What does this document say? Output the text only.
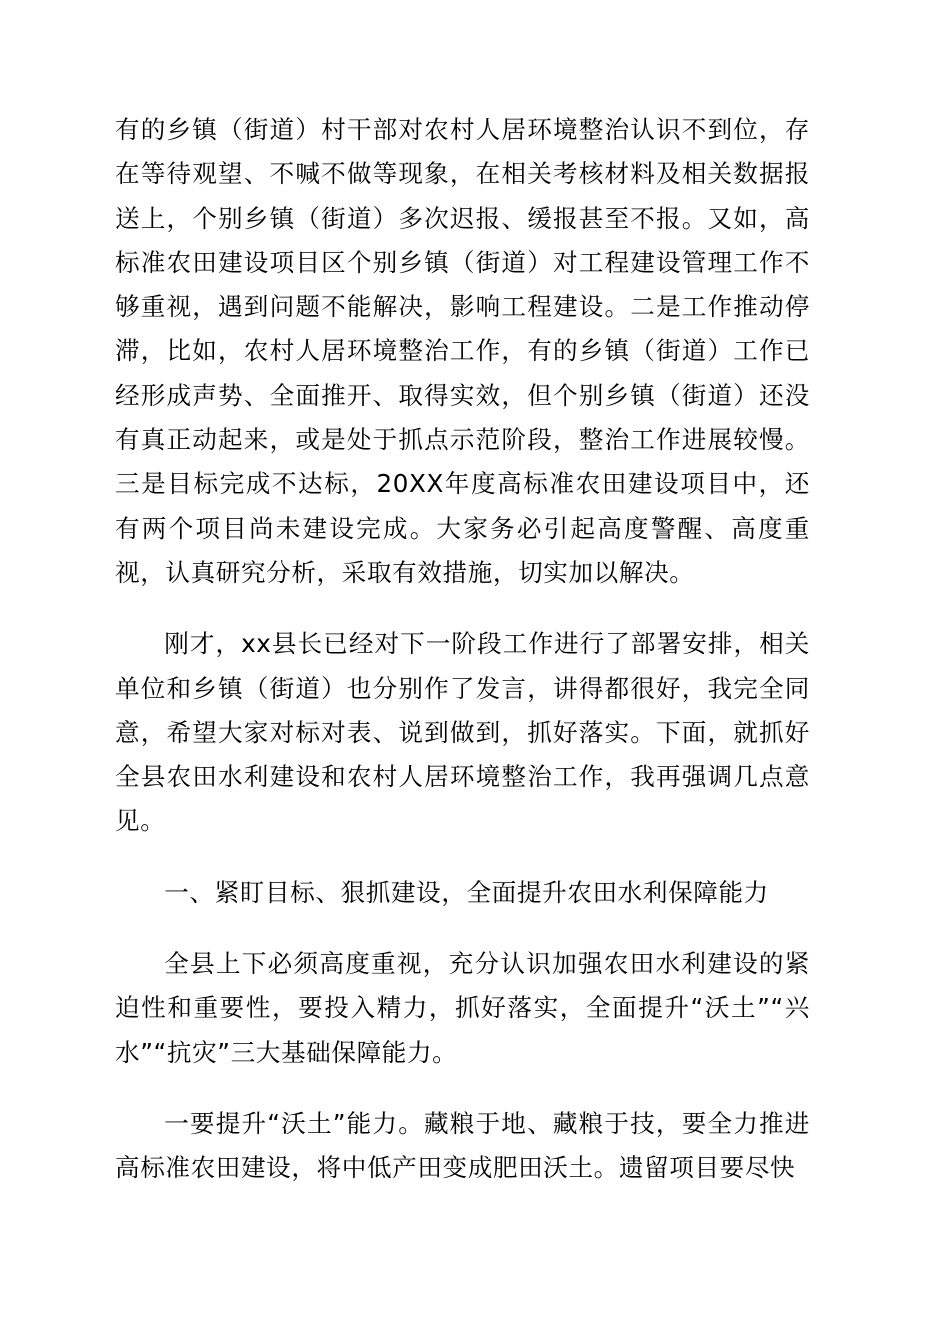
有的乡镇（街道）村干部对农村人居环境整治认识不到位，存在等待观望、不喊不做等现象，在相关考核材料及相关数据报送上，个别乡镇（街道）多次迟报、缓报甚至不报。又如，高标准农田建设项目区个别乡镇（街道）对工程建设管理工作不够重视，遇到问题不能解决，影响工程建设。二是工作推动停滞，比如，农村人居环境整治工作，有的乡镇（街道）工作已经形成声势、全面推开、取得实效，但个别乡镇（街道）还没有真正动起来，或是处于抓点示范阶段，整治工作进展较慢。三是目标完成不达标，20XX年度高标准农田建设项目中，还有两个项目尚未建设完成。大家务必引起高度警醒、高度重视，认真研究分析，采取有效措施，切实加以解决。

刚才，xx县长已经对下一阶段工作进行了部署安排，相关单位和乡镇（街道）也分别作了发言，讲得都很好，我完全同意，希望大家对标对表、说到做到，抓好落实。下面，就抓好全县农田水利建设和农村人居环境整治工作，我再强调几点意见。

一、紧盯目标、狠抓建设，全面提升农田水利保障能力

全县上下必须高度重视，充分认识加强农田水利建设的紧迫性和重要性，要投入精力，抓好落实，全面提升“沃土”“兴水”“抗灾”三大基础保障能力。

一要提升“沃土”能力。藏粮于地、藏粮于技，要全力推进高标准农田建设，将中低产田变成肥田沃土。遗留项目要尽快
